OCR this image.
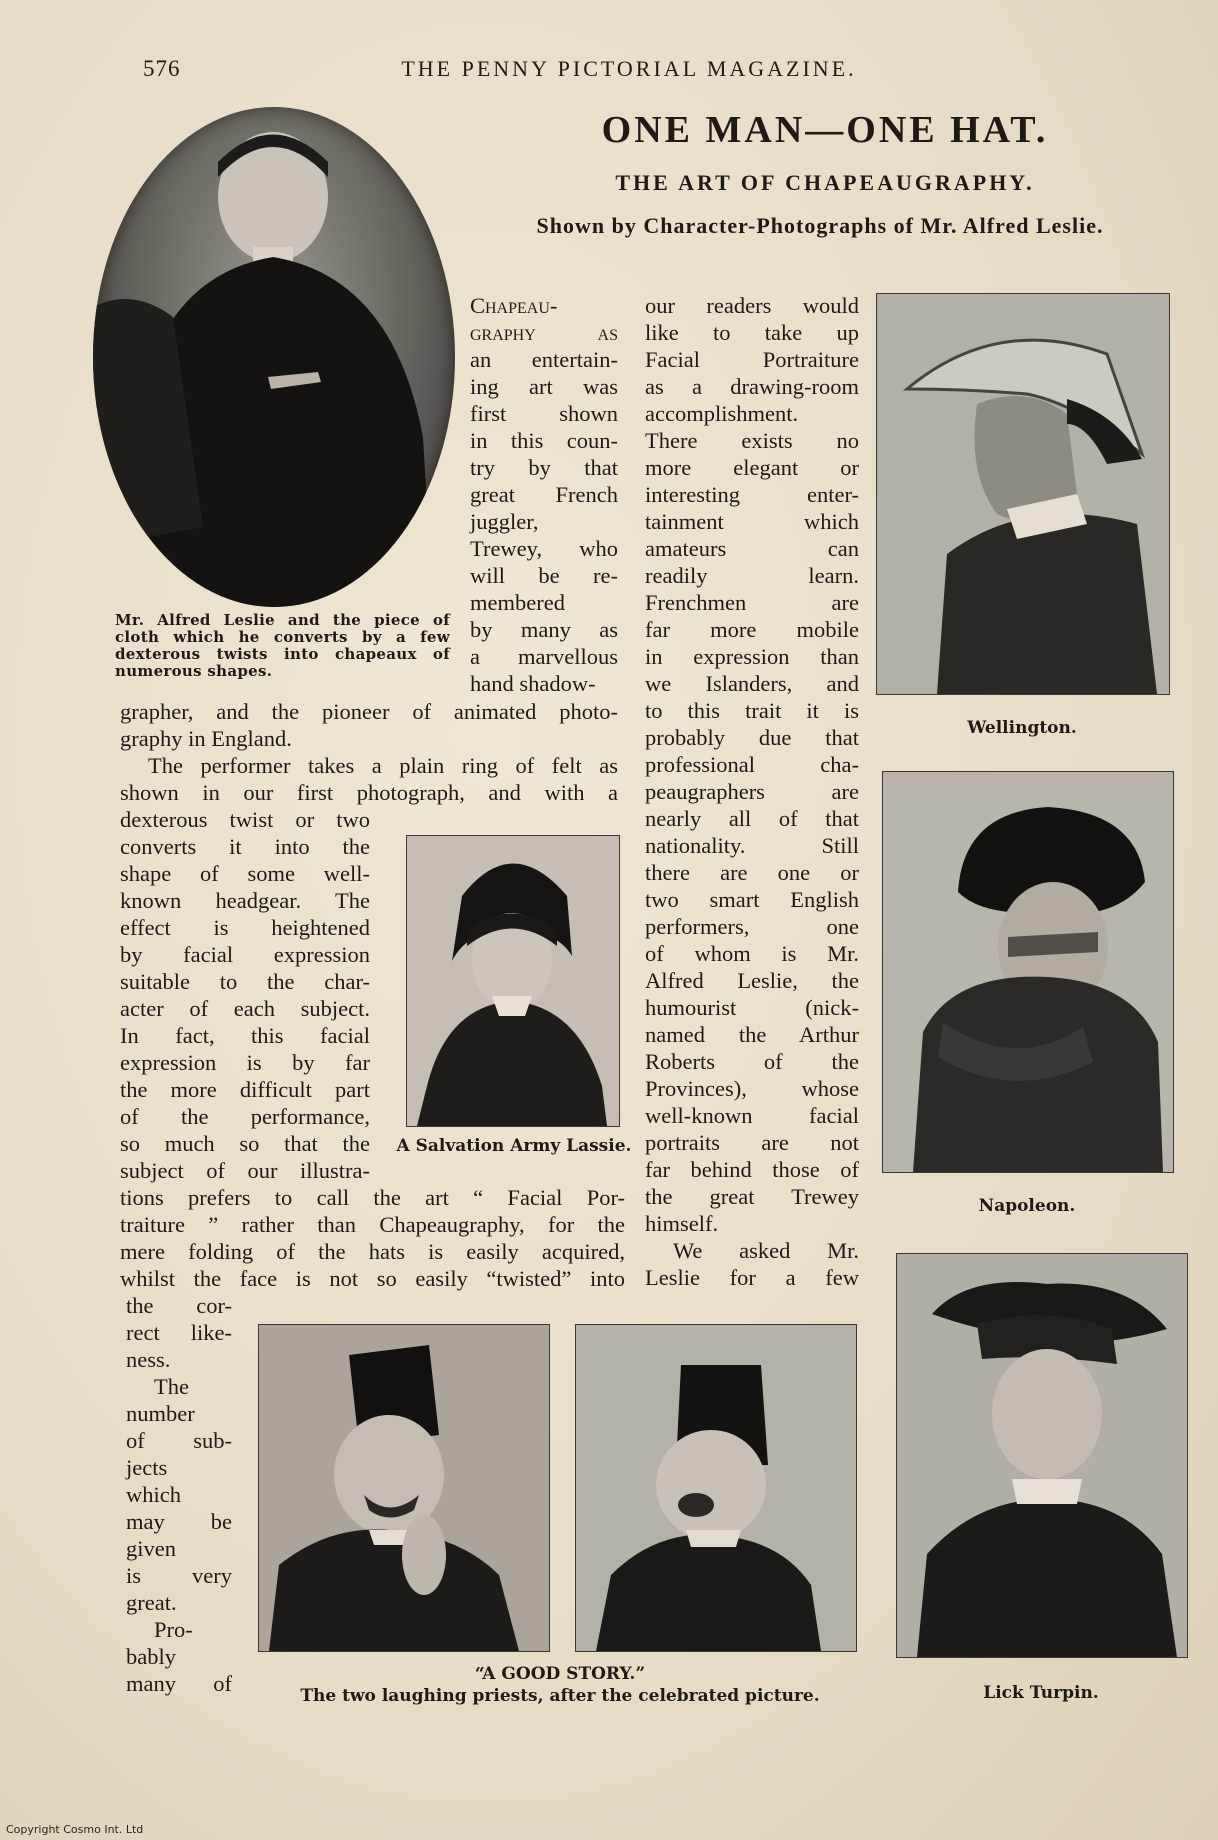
576	THE PENNY PICTORIAL MAGAZINE.
ONE MAN—ONE HAT.
THE ART OF CHAPEAUGRAPHY.
Shown by Character-Photographs of Mr. Alfred Leslie.
Mr. Alfred Leslie and the piece of cloth which he converts by a few dexterous twists into chapeaux of numerous shapes.
Wellington.
A Salvation Army Lassie.
Napoleon.
“A GOOD STORY.”
The two laughing priests, after the celebrated picture.	Lick Turpin.
Chapeau-
graphy as
an entertain-
ing art was
first shown
in this coun-
try by that
great French
juggler,
Trewey, who
will be re-
membered
by many as
a marvellous
hand shadow-
grapher, and the pioneer of animated photo-
graphy in England.
The performer takes a plain ring of felt as
shown in our first photograph, and with a
dexterous twist or two
converts it into the
shape of some well-
known headgear. The
effect is heightened
by facial expression
suitable to the char-
acter of each subject.
In fact, this facial
expression is by far
the more difficult part
of the performance,
so much so that the
subject of our illustra-
tions prefers to call the art “ Facial Por-
traiture ” rather than Chapeaugraphy, for the
mere folding of the hats is easily acquired,
whilst the face is not so easily “twisted” into
the cor-
rect like-
ness.
The
number
of sub-
jects
which
may be
given
is very
great.
Pro-
bably
many of
our readers would
like to take up
Facial Portraiture
as a drawing-room
accomplishment.
There exists no
more elegant or
interesting enter-
tainment which
amateurs can
readily learn.
Frenchmen are
far more mobile
in expression than
we Islanders, and
to this trait it is
probably due that
professional cha-
peaugraphers are
nearly all of that
nationality. Still
there are one or
two smart English
performers, one
of whom is Mr.
Alfred Leslie, the
humourist (nick-
named the Arthur
Roberts of the
Provinces), whose
well-known facial
portraits are not
far behind those of
the great Trewey
himself.
We asked Mr.
Leslie for a few
Copyright Cosmo Int. Ltd
